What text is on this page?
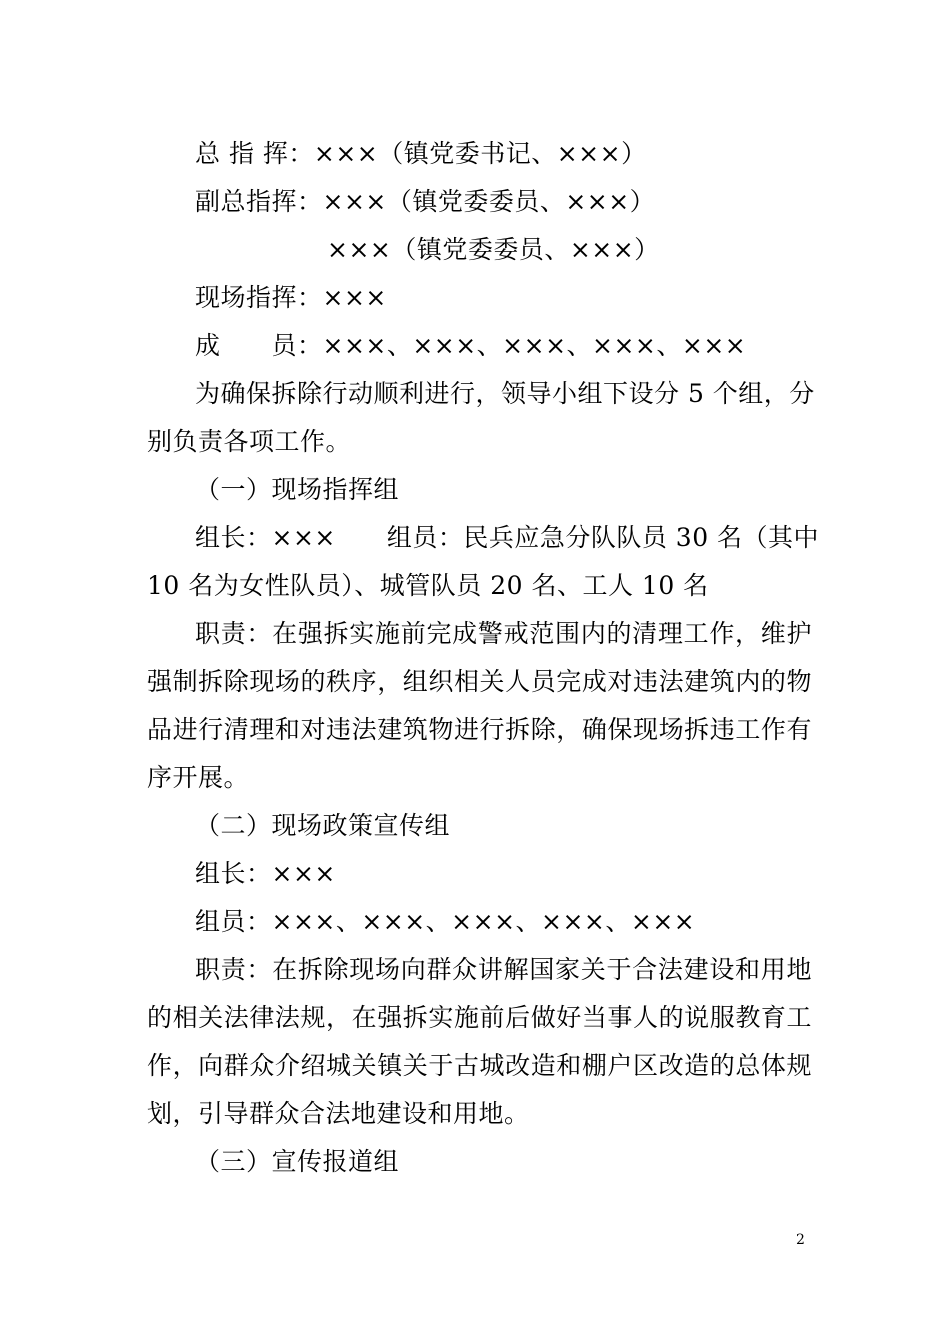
总 指 挥：×××（镇党委书记、×××）
副总指挥：×××（镇党委委员、×××）
×××（镇党委委员、×××）
现场指挥：×××
成　　员：×××、×××、×××、×××、×××
为确保拆除行动顺利进行，领导小组下设分 5 个组，分
别负责各项工作。
（一）现场指挥组
组长：×××　　组员：民兵应急分队队员 30 名（其中
10 名为女性队员）、城管队员 20 名、工人 10 名
职责：在强拆实施前完成警戒范围内的清理工作，维护
强制拆除现场的秩序，组织相关人员完成对违法建筑内的物
品进行清理和对违法建筑物进行拆除，确保现场拆违工作有
序开展。
（二）现场政策宣传组
组长：×××
组员：×××、×××、×××、×××、×××
职责：在拆除现场向群众讲解国家关于合法建设和用地
的相关法律法规，在强拆实施前后做好当事人的说服教育工
作，向群众介绍城关镇关于古城改造和棚户区改造的总体规
划，引导群众合法地建设和用地。
（三）宣传报道组
2
